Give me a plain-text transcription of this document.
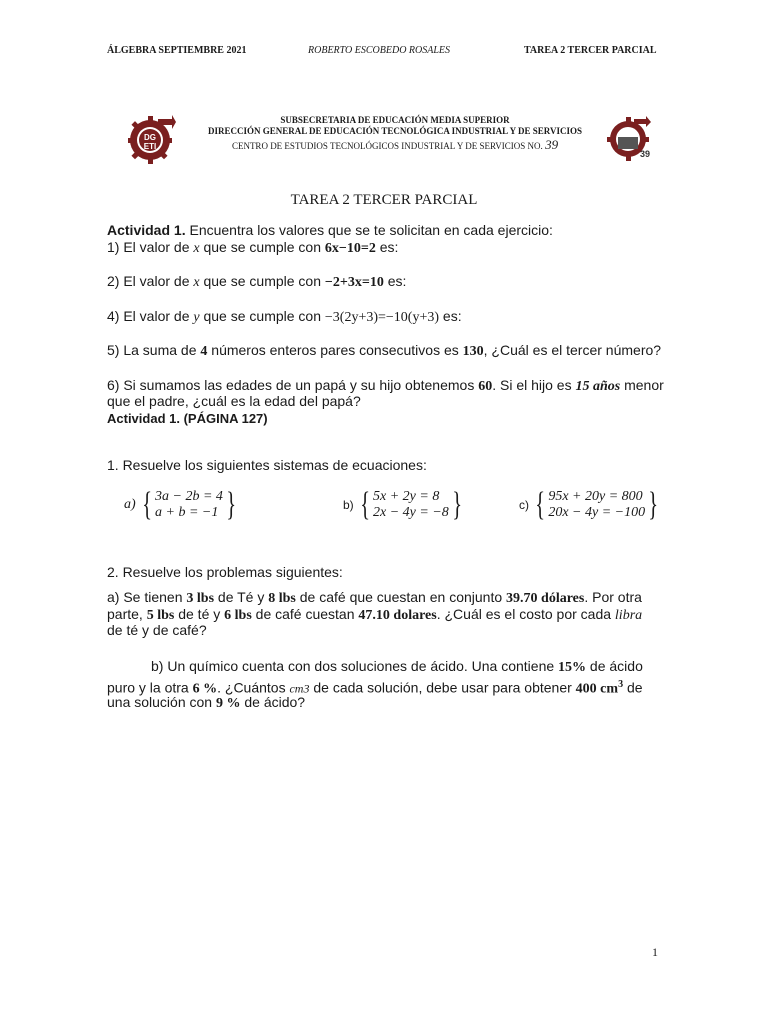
ÁLGEBRA SEPTIEMBRE 2021	ROBERTO ESCOBEDO ROSALES	TAREA 2 TERCER PARCIAL
DG
ETI
39
SUBSECRETARIA DE EDUCACIÓN MEDIA SUPERIOR
DIRECCIÓN GENERAL DE EDUCACIÓN TECNOLÓGICA INDUSTRIAL Y DE SERVICIOS
CENTRO DE ESTUDIOS TECNOLÓGICOS INDUSTRIAL Y DE SERVICIOS NO. 39
TAREA 2 TERCER PARCIAL
Actividad 1. Encuentra los valores que se te solicitan en cada ejercicio:
1) El valor de x que se cumple con 6x−10=2 es:
2) El valor de x que se cumple con −2+3x=10 es:
4) El valor de y que se cumple con −3(2y+3)=−10(y+3) es:
5) La suma de 4 números enteros pares consecutivos es 130, ¿Cuál es el tercer número?
6) Si sumamos las edades de un papá y su hijo obtenemos 60. Si el hijo es 15 años menor
que el padre, ¿cuál es la edad del papá?
Actividad 1. (PÁGINA 127)
1. Resuelve los siguientes sistemas de ecuaciones:
a) { 3a − 2b = 4
a + b = −1 }	b) { 5x + 2y = 8
2x − 4y = −8 }	c) { 95x + 20y = 800
20x − 4y = −100 }
2. Resuelve los problemas siguientes:
a) Se tienen 3 lbs de Té y 8 lbs de café que cuestan en conjunto 39.70 dólares. Por otra
parte, 5 lbs de té y 6 lbs de café cuestan 47.10 dolares. ¿Cuál es el costo por cada libra
de té y de café?
b) Un químico cuenta con dos soluciones de ácido. Una contiene 15% de ácido
puro y la otra 6 %. ¿Cuántos cm3 de cada solución, debe usar para obtener 400 $cm^3$ de
una solución con 9 % de ácido?
1
